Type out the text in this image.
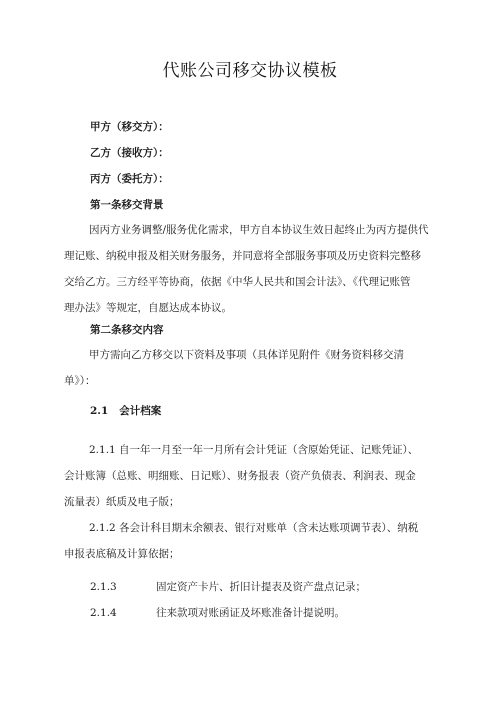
代账公司移交协议模板
甲方（移交方）：
乙方（接收方）：
丙方（委托方）：
第一条移交背景
因丙方业务调整/服务优化需求，甲方自本协议生效日起终止为丙方提供代
理记账、纳税申报及相关财务服务，并同意将全部服务事项及历史资料完整移
交给乙方。三方经平等协商，依据《中华人民共和国会计法》、《代理记账管
理办法》等规定，自愿达成本协议。
第二条移交内容
甲方需向乙方移交以下资料及事项（具体详见附件《财务资料移交清
单》）：
2.1 会计档案
2.1.1 自一年一月至一年一月所有会计凭证（含原始凭证、记账凭证）、
会计账簿（总账、明细账、日记账）、财务报表（资产负债表、利润表、现金
流量表）纸质及电子版；
2.1.2 各会计科目期末余额表、银行对账单（含未达账项调节表）、纳税
申报表底稿及计算依据；
2.1.3	固定资产卡片、折旧计提表及资产盘点记录；
2.1.4	往来款项对账函证及坏账准备计提说明。
